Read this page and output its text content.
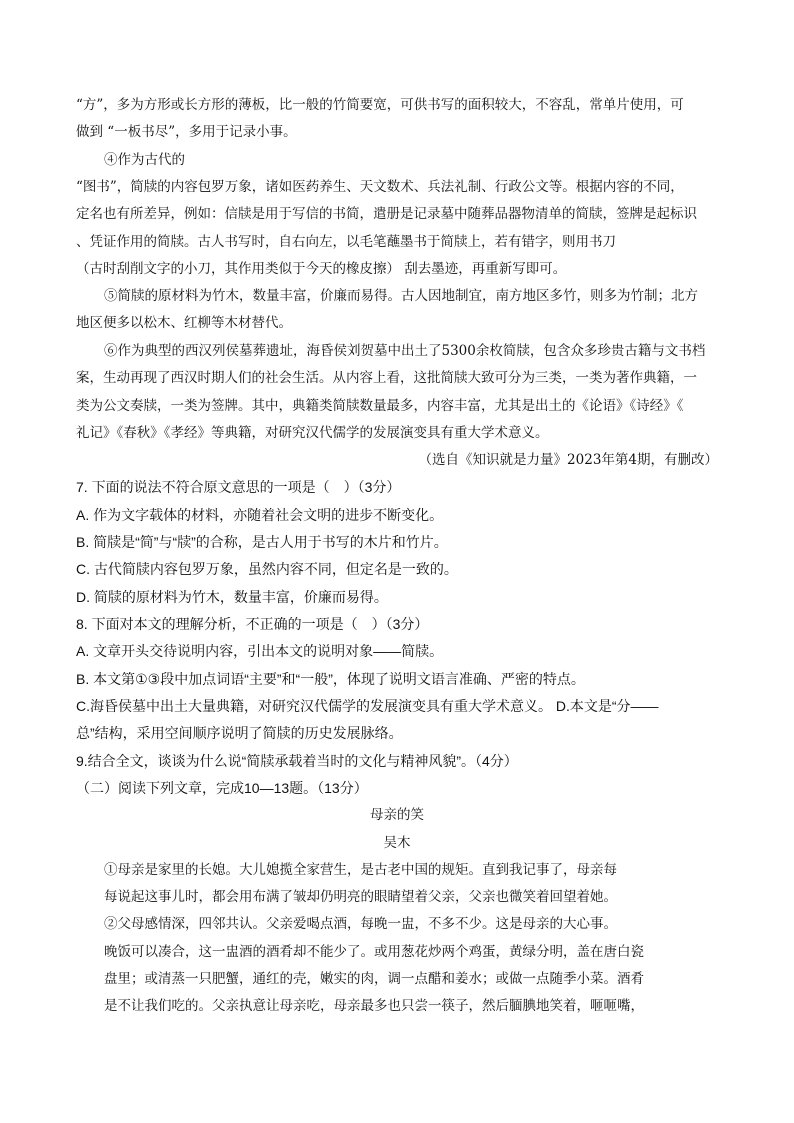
“方”，多为方形或长方形的薄板，比一般的竹简要宽，可供书写的面积较大，不容乱，常单片使用，可
做到 “一板书尽”，多用于记录小事。
④作为古代的
“图书”，简牍的内容包罗万象，诸如医药养生、天文数术、兵法礼制、行政公文等。根据内容的不同，
定名也有所差异，例如：信牍是用于写信的书简，遣册是记录墓中随葬品器物清单的简牍，签牌是起标识
、凭证作用的简牍。古人书写时，自右向左，以毛笔蘸墨书于简牍上，若有错字，则用书刀
（古时刮削文字的小刀，其作用类似于今天的橡皮擦） 刮去墨迹，再重新写即可。
⑤简牍的原材料为竹木，数量丰富，价廉而易得。古人因地制宜，南方地区多竹，则多为竹制；北方
地区便多以松木、红柳等木材替代。
⑥作为典型的西汉列侯墓葬遗址，海昏侯刘贺墓中出土了5300余枚简牍，包含众多珍贵古籍与文书档
案，生动再现了西汉时期人们的社会生活。从内容上看，这批简牍大致可分为三类，一类为著作典籍，一
类为公文奏牍，一类为签牌。其中，典籍类简牍数量最多，内容丰富，尤其是出土的《论语》《诗经》《
礼记》《春秋》《孝经》等典籍，对研究汉代儒学的发展演变具有重大学术意义。
（选自《知识就是力量》2023年第4期，有删改）
7. 下面的说法不符合原文意思的一项是（　）（3分）
A. 作为文字载体的材料，亦随着社会文明的进步不断变化。
B. 简牍是“简”与“牍”的合称，是古人用于书写的木片和竹片。
C. 古代简牍内容包罗万象，虽然内容不同，但定名是一致的。
D. 简牍的原材料为竹木，数量丰富，价廉而易得。
8. 下面对本文的理解分析，不正确的一项是（　）（3分）
A. 文章开头交待说明内容，引出本文的说明对象——简牍。
B. 本文第①③段中加点词语“主要”和“一般”，体现了说明文语言准确、严密的特点。
C.海昏侯墓中出土大量典籍，对研究汉代儒学的发展演变具有重大学术意义。 D.本文是“分——
总”结构，采用空间顺序说明了简牍的历史发展脉络。
9.结合全文，谈谈为什么说“简牍承载着当时的文化与精神风貌”。（4分）
（二）阅读下列文章，完成10—13题。（13分）
母亲的笑
吴木
①母亲是家里的长媳。大儿媳揽全家营生，是古老中国的规矩。直到我记事了，母亲每
每说起这事儿时，都会用布满了皱却仍明亮的眼睛望着父亲，父亲也微笑着回望着她。
②父母感情深，四邻共认。父亲爱喝点酒，每晚一盅，不多不少。这是母亲的大心事。
晚饭可以凑合，这一盅酒的酒肴却不能少了。或用葱花炒两个鸡蛋，黄绿分明，盖在唐白瓷
盘里；或清蒸一只肥蟹，通红的壳，嫩实的肉，调一点醋和姜水；或做一点随季小菜。酒肴
是不让我们吃的。父亲执意让母亲吃，母亲最多也只尝一筷子，然后腼腆地笑着，咂咂嘴，
